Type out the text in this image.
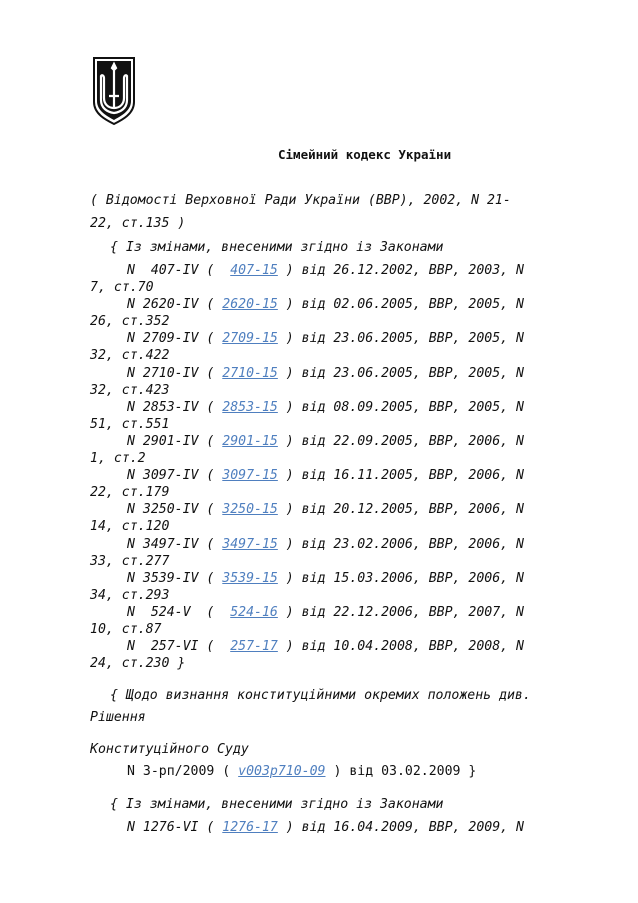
Сімейний кодекс України
( Відомості Верховної Ради України (ВВР), 2002, N 21-
22, ст.135 )
{ Із змінами, внесеними згідно із Законами
N  407-IV (  407-15 ) від 26.12.2002, ВВР, 2003, N
7, ст.70
N 2620-IV ( 2620-15 ) від 02.06.2005, ВВР, 2005, N
26, ст.352
N 2709-IV ( 2709-15 ) від 23.06.2005, ВВР, 2005, N
32, ст.422
N 2710-IV ( 2710-15 ) від 23.06.2005, ВВР, 2005, N
32, ст.423
N 2853-IV ( 2853-15 ) від 08.09.2005, ВВР, 2005, N
51, ст.551
N 2901-IV ( 2901-15 ) від 22.09.2005, ВВР, 2006, N
1, ст.2
N 3097-IV ( 3097-15 ) від 16.11.2005, ВВР, 2006, N
22, ст.179
N 3250-IV ( 3250-15 ) від 20.12.2005, ВВР, 2006, N
14, ст.120
N 3497-IV ( 3497-15 ) від 23.02.2006, ВВР, 2006, N
33, ст.277
N 3539-IV ( 3539-15 ) від 15.03.2006, ВВР, 2006, N
34, ст.293
N  524-V  (  524-16 ) від 22.12.2006, ВВР, 2007, N
10, ст.87
N  257-VI (  257-17 ) від 10.04.2008, ВВР, 2008, N
24, ст.230 }
{ Щодо визнання конституційними окремих положень див.
Рішення
Конституційного Суду
N 3-рп/2009 ( v003p710-09 ) від 03.02.2009 }
{ Із змінами, внесеними згідно із Законами
N 1276-VI ( 1276-17 ) від 16.04.2009, ВВР, 2009, N
